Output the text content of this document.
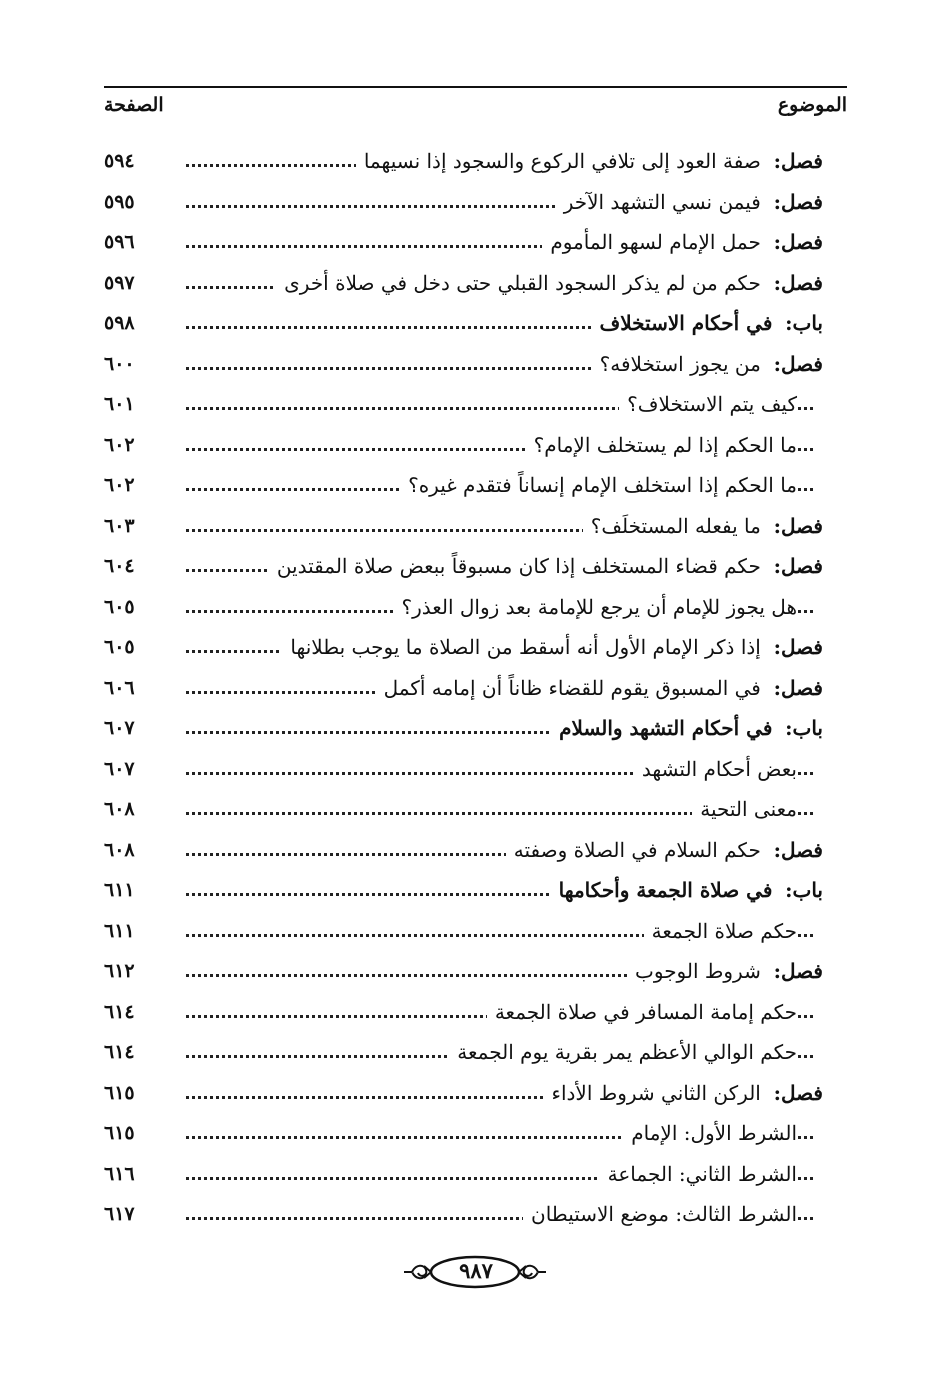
الموضوع
الصفحة
فصل:  صفة العود إلى تلافي الركوع والسجود إذا نسيهما
٥٩٤
فصل:  فيمن نسي التشهد الآخر
٥٩٥
فصل:  حمل الإمام لسهو المأموم
٥٩٦
فصل:  حكم من لم يذكر السجود القبلي حتى دخل في صلاة أخرى
٥٩٧
باب:  في أحكام الاستخلاف
٥٩٨
فصل:  من يجوز استخلافه؟
٦٠٠
كيف يتم الاستخلاف؟
٦٠١
ما الحكم إذا لم يستخلف الإمام؟
٦٠٢
ما الحكم إذا استخلف الإمام إنساناً فتقدم غيره؟
٦٠٢
فصل:  ما يفعله المستخلَف؟
٦٠٣
فصل:  حكم قضاء المستخلف إذا كان مسبوقاً ببعض صلاة المقتدين
٦٠٤
هل يجوز للإمام أن يرجع للإمامة بعد زوال العذر؟
٦٠٥
فصل:  إذا ذكر الإمام الأول أنه أسقط من الصلاة ما يوجب بطلانها
٦٠٥
فصل:  في المسبوق يقوم للقضاء ظاناً أن إمامه أكمل
٦٠٦
باب:  في أحكام التشهد والسلام
٦٠٧
بعض أحكام التشهد
٦٠٧
معنى التحية
٦٠٨
فصل:  حكم السلام في الصلاة وصفته
٦٠٨
باب:  في صلاة الجمعة وأحكامها
٦١١
حكم صلاة الجمعة
٦١١
فصل:  شروط الوجوب
٦١٢
حكم إمامة المسافر في صلاة الجمعة
٦١٤
حكم الوالي الأعظم يمر بقرية يوم الجمعة
٦١٤
فصل:  الركن الثاني شروط الأداء
٦١٥
الشرط الأول: الإمام
٦١٥
الشرط الثاني: الجماعة
٦١٦
الشرط الثالث: موضع الاستيطان
٦١٧
٩٨٧
